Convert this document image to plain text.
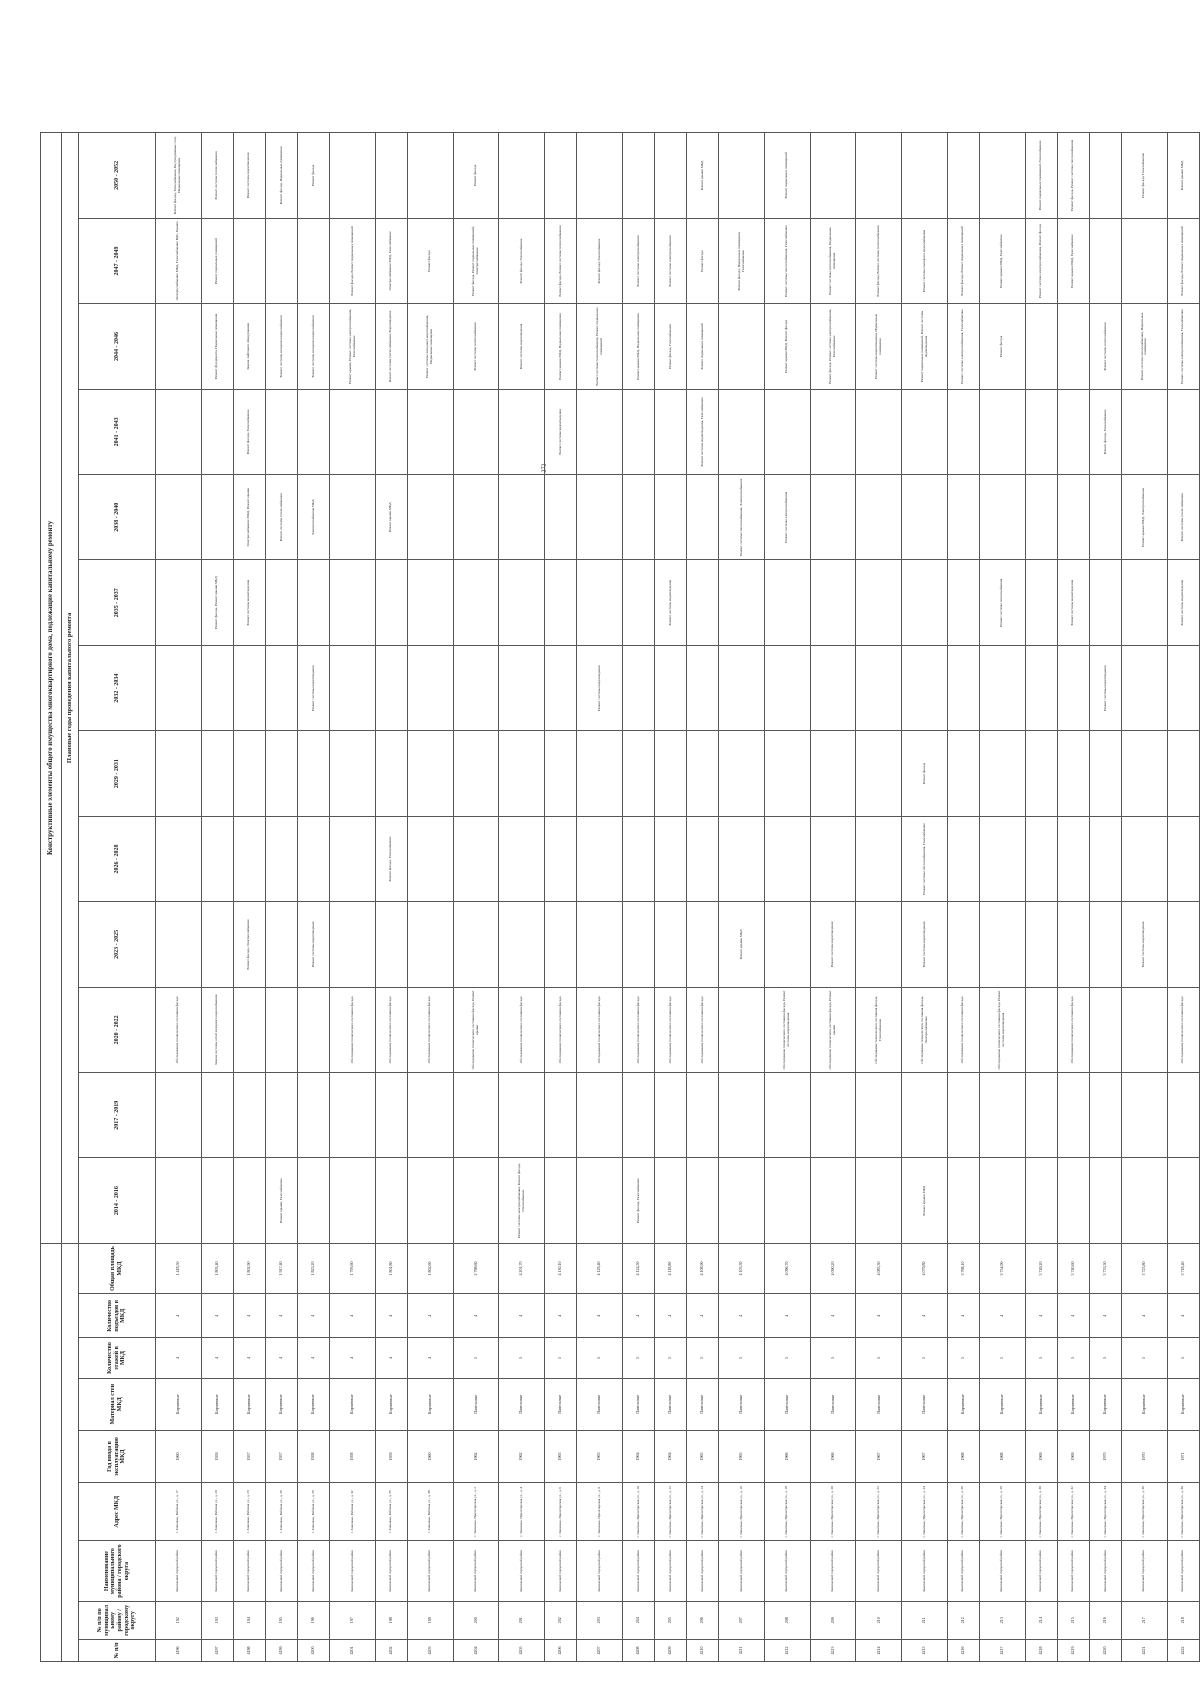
272
									Конструктивные элементы общего имущества многоквартирного дома, подлежащие капитальному ремонту												
									Плановые годы проведения капитального ремонта												
№ п/п	№ п/п по муниципальному району / городскому округу	Наименование муниципального района / городского округа	Адрес МКД	Год ввода в эксплуатацию МКД	Материал стен МКД	Количество этажей в МКД	Количество подъездов в МКД	Общая площадь МКД	2014 - 2016	2017 - 2019	2020 - 2022	2023 - 2025	2026 - 2028	2029 - 2031	2032 - 2034	2035 - 2037	2038 - 2040	2041 - 2043	2044 - 2046	2047 - 2049	2050 - 2052
4196	192	Заволжский городской район	г. Заволжье, Рабочая ул., д. 17	1960	Кирпичные	4	4	1 418,50			Обследование технического состояния фасада									Электроснабжение МКД, Газоснабжение ВДС, Крыша	Ремонт фасада, Газоснабжение, Внутридомовые сети, Подвальные помещения
4197	193	Заволжский городской район	г. Заволжье, Рабочая ул., д. 20	1959	Кирпичные	4	4	1 803,40			Замена системы сетей холодного водоснабжения					Ремонт фасада, Ремонт крыши МКД			Ремонт фундамента, Подвальные помещения	Ремонт подвальных помещений	Ремонт системы теплоснабжения
4198	194	Заволжский городской район	г. Заволжье, Рабочая ул., д. 23	1957	Кирпичные	4	4	1 802,90				Ремонт фасада, Электроснабжение				Ремонт системы водоотведения	Электроснабжение МКД, Ремонт крыши	Ремонт фасада, Газоснабжение	Замена лифтового оборудования		Ремонт системы водоотведения
4199	195	Заволжский городской район	г. Заволжье, Рабочая ул., д. 26	1957	Кирпичные	4	4	1 917,40	Ремонт крыши, Газоснабжение								Ремонт системы теплоснабжения		Ремонт системы холодного водоснабжения		Ремонт фасада, Подвальные помещения
4200	196	Заволжский городской район	г. Заволжье, Рабочая ул., д. 29	1958	Кирпичные	4	4	1 823,20				Ремонт системы водоотведения			Ремонт системы водоотведения		Электроснабжение МКД		Ремонт системы холодного водоснабжения		Ремонт фасада
4201	197	Заволжский городской район	г. Заволжье, Рабочая ул., д. 32	1958	Кирпичные	4	4	1 793,60			Обследование технического состояния фасада								Ремонт крыши, Ремонт системы электроснабжения, Газоснабжение	Ремонт фасада, Ремонт подвальных помещений	
4202	198	Заволжский городской район	г. Заволжье, Рабочая ул., д. 35	1959	Кирпичные	4	4	1 801,80			Обследование технического состояния фасада		Ремонт фасада, Газоснабжение				Ремонт крыши МКД		Ремонт системы теплоснабжения, Водоотведение	Электроснабжение МКД, Газоснабжение	
4203	199	Заволжский городской район	г. Заволжье, Рабочая ул., д. 38	1960	Кирпичные	4	4	1 802,60			Обследование технического состояния фасада								Ремонт системы холодного водоснабжения, Подвальные помещения	Ремонт фасада	
4204	200	Заволжский городской район	г. Заволжье, Пролетарская ул., д. 2	1962	Панельные	5	4	2 798,60			Обследование технического состояния фасада, Ремонт крыши								Ремонт системы теплоснабжения	Ремонт фасада, Ремонт подвальных помещений, Электроснабжение	Ремонт фасада
4205	201	Заволжский городской район	г. Заволжье, Пролетарская ул., д. 4	1962	Панельные	5	4	4 201,70	Ремонт системы электроснабжения, Ремонт фасада, Газоснабжение		Обследование технического состояния фасада								Ремонт системы водоотведения	Ремонт фасада, Газоснабжение	
4206	202	Заволжский городской район	г. Заволжье, Пролетарская ул., д. 6	1963	Панельные	5	4	4 130,10			Обследование технического состояния фасада							Ремонт системы водоотведения	Ремонт крыши МКД, Подвальные помещения	Ремонт фасада, Ремонт системы теплоснабжения	
4207	203	Заволжский городской район	г. Заволжье, Пролетарская ул., д. 8	1963	Панельные	5	4	4 129,40			Обследование технического состояния фасада				Ремонт системы водоотведения				Ремонт системы теплоснабжения, Ремонт подвальных помещений	Ремонт фасада, Газоснабжение	
4208	204	Заволжский городской район	г. Заволжье, Пролетарская ул., д. 10	1964	Панельные	5	4	4 124,50	Ремонт фасада, Газоснабжение		Обследование технического состояния фасада								Ремонт крыши МКД, Подвальные помещения	Ремонт системы электроснабжения	
4209	205	Заволжский городской район	г. Заволжье, Пролетарская ул., д. 12	1964	Панельные	5	4	4 118,80			Обследование технического состояния фасада					Ремонт системы водоотведения			Ремонт фасада, Газоснабжение	Ремонт системы электроснабжения	
4210	206	Заволжский городской район	г. Заволжье, Пролетарская ул., д. 14	1965	Панельные	5	4	4 108,90			Обследование технического состояния фасада							Ремонт системы водоотведения, Газоснабжение	Ремонт подвальных помещений	Ремонт фасада	Ремонт крыши МКД
4211	207	Заволжский городской район	г. Заволжье, Пролетарская ул., д. 16	1965	Панельные	5	4	4 103,30				Ремонт крыши МКД					Ремонт системы теплоснабжения, Электроснабжение			Ремонт фасада, Подвальные помещения, Газоснабжение	
4212	208	Заволжский городской район	г. Заволжье, Пролетарская ул., д. 18	1966	Панельные	5	4	4 096,70			Обследование технического состояния фасада, Ремонт системы водоотведения						Ремонт системы электроснабжения		Ремонт крыши МКД, Ремонт фасада	Ремонт системы теплоснабжения, Газоснабжение	Ремонт подвальных помещений
4213	209	Заволжский городской район	г. Заволжье, Пролетарская ул., д. 20	1966	Панельные	5	4	4 090,20			Обследование технического состояния фасада, Ремонт крыши	Ремонт системы водоотведения							Ремонт фасада, Ремонт системы электроснабжения, Газоснабжение	Ремонт системы теплоснабжения, Подвальные помещения	
4214	210	Заволжский городской район	г. Заволжье, Пролетарская ул., д. 22	1967	Панельные	5	4	4 085,30			Обследование технического состояния фасада, Газоснабжение								Ремонт системы водоотведения, Подвальные помещения	Ремонт фасада, Ремонт системы теплоснабжения	
4215	211	Заволжский городской район	г. Заволжье, Пролетарская ул., д. 24	1967	Панельные	5	4	4 079,80	Ремонт крыши МКД		Обследование технического состояния фасада, Электроснабжение	Ремонт системы водоотведения	Ремонт системы теплоснабжения, Газоснабжение	Ремонт фасада					Ремонт подвальных помещений, Ремонт системы водоотведения	Ремонт системы холодного водоснабжения	
4216	212	Заволжский городской район	г. Заволжье, Пролетарская ул., д. 26	1968	Кирпичные	5	4	3 768,10			Обследование технического состояния фасада								Ремонт системы электроснабжения, Газоснабжение	Ремонт фасада, Ремонт подвальных помещений	
4217	213	Заволжский городской район	г. Заволжье, Пролетарская ул., д. 28	1968	Кирпичные	5	4	3 754,90			Обследование технического состояния фасада, Ремонт системы водоотведения					Ремонт системы теплоснабжения			Ремонт фасада	Ремонт крыши МКД, Газоснабжение	
4218	214	Заволжский городской район	г. Заволжье, Пролетарская ул., д. 30	1969	Кирпичные	5	4	3 749,20												Ремонт системы электроснабжения, Ремонт фасада	Ремонт подвальных помещений, Газоснабжение
4219	215	Заволжский городской район	г. Заволжье, Пролетарская ул., д. 32	1969	Кирпичные	5	4	3 740,60			Обследование технического состояния фасада					Ремонт системы водоотведения				Ремонт крыши МКД, Газоснабжение	Ремонт фасада, Ремонт системы теплоснабжения
4220	216	Заволжский городской район	г. Заволжье, Пролетарская ул., д. 34	1970	Кирпичные	5	4	3 733,50							Ремонт системы водоотведения			Ремонт фасада, Газоснабжение	Ремонт системы теплоснабжения		
4221	217	Заволжский городской район	г. Заволжье, Пролетарская ул., д. 36	1970	Кирпичные	5	4	3 725,80				Ремонт системы водоотведения					Ремонт крыши МКД, Электроснабжение		Ремонт системы теплоснабжения, Подвальные помещения		Ремонт фасада, Газоснабжение
4222	218	Заволжский городской район	г. Заволжье, Пролетарская ул., д. 38	1971	Кирпичные	5	4	3 718,40			Обследование технического состояния фасада					Ремонт системы водоотведения	Ремонт системы теплоснабжения		Ремонт системы электроснабжения, Газоснабжение	Ремонт фасада, Ремонт подвальных помещений	Ремонт крыши МКД
